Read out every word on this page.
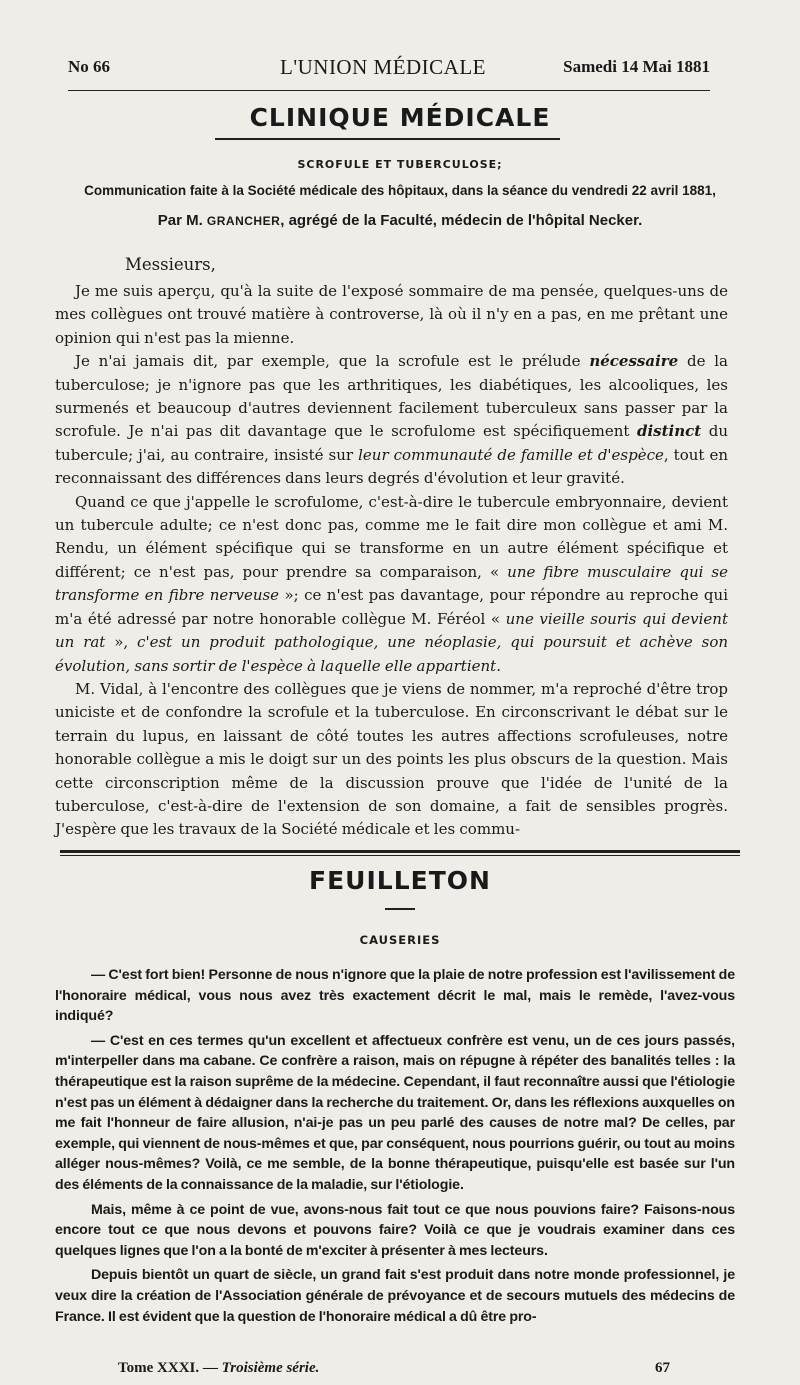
No 66	L'UNION MÉDICALE	Samedi 14 Mai 1881
CLINIQUE MÉDICALE
SCROFULE ET TUBERCULOSE;
Communication faite à la Société médicale des hôpitaux, dans la séance du vendredi 22 avril 1881,
Par M. GRANCHER, agrégé de la Faculté, médecin de l'hôpital Necker.
Messieurs,

Je me suis aperçu, qu'à la suite de l'exposé sommaire de ma pensée, quelques-uns de mes collègues ont trouvé matière à controverse, là où il n'y en a pas, en me prêtant une opinion qui n'est pas la mienne.

Je n'ai jamais dit, par exemple, que la scrofule est le prélude nécessaire de la tuberculose; je n'ignore pas que les arthritiques, les diabétiques, les alcooliques, les surmenés et beaucoup d'autres deviennent facilement tuberculeux sans passer par la scrofule. Je n'ai pas dit davantage que le scrofulome est spécifiquement distinct du tubercule; j'ai, au contraire, insisté sur leur communauté de famille et d'espèce, tout en reconnaissant des différences dans leurs degrés d'évolution et leur gravité.

Quand ce que j'appelle le scrofulome, c'est-à-dire le tubercule embryonnaire, devient un tubercule adulte; ce n'est donc pas, comme me le fait dire mon collègue et ami M. Rendu, un élément spécifique qui se transforme en un autre élément spécifique et différent; ce n'est pas, pour prendre sa comparaison, « une fibre musculaire qui se transforme en fibre nerveuse »; ce n'est pas davantage, pour répondre au reproche qui m'a été adressé par notre honorable collègue M. Féréol « une vieille souris qui devient un rat », c'est un produit pathologique, une néoplasie, qui poursuit et achève son évolution, sans sortir de l'espèce à laquelle elle appartient.

M. Vidal, à l'encontre des collègues que je viens de nommer, m'a reproché d'être trop uniciste et de confondre la scrofule et la tuberculose. En circonscrivant le débat sur le terrain du lupus, en laissant de côté toutes les autres affections scrofuleuses, notre honorable collègue a mis le doigt sur un des points les plus obscurs de la question. Mais cette circonscription même de la discussion prouve que l'idée de l'unité de la tuberculose, c'est-à-dire de l'extension de son domaine, a fait de sensibles progrès. J'espère que les travaux de la Société médicale et les commu-

FEUILLETON
CAUSERIES

— C'est fort bien! Personne de nous n'ignore que la plaie de notre profession est l'avilissement de l'honoraire médical, vous nous avez très exactement décrit le mal, mais le remède, l'avez-vous indiqué?

— C'est en ces termes qu'un excellent et affectueux confrère est venu, un de ces jours passés, m'interpeller dans ma cabane. Ce confrère a raison, mais on répugne à répéter des banalités telles : la thérapeutique est la raison suprême de la médecine. Cependant, il faut reconnaître aussi que l'étiologie n'est pas un élément à dédaigner dans la recherche du traitement. Or, dans les réflexions auxquelles on me fait l'honneur de faire allusion, n'ai-je pas un peu parlé des causes de notre mal? De celles, par exemple, qui viennent de nous-mêmes et que, par conséquent, nous pourrions guérir, ou tout au moins alléger nous-mêmes? Voilà, ce me semble, de la bonne thérapeutique, puisqu'elle est basée sur l'un des éléments de la connaissance de la maladie, sur l'étiologie.

Mais, même à ce point de vue, avons-nous fait tout ce que nous pouvions faire? Faisons-nous encore tout ce que nous devons et pouvons faire? Voilà ce que je voudrais examiner dans ces quelques lignes que l'on a la bonté de m'exciter à présenter à mes lecteurs.

Depuis bientôt un quart de siècle, un grand fait s'est produit dans notre monde professionnel, je veux dire la création de l'Association générale de prévoyance et de secours mutuels des médecins de France. Il est évident que la question de l'honoraire médical a dû être pro-

Tome XXXI. — Troisième série.	67
